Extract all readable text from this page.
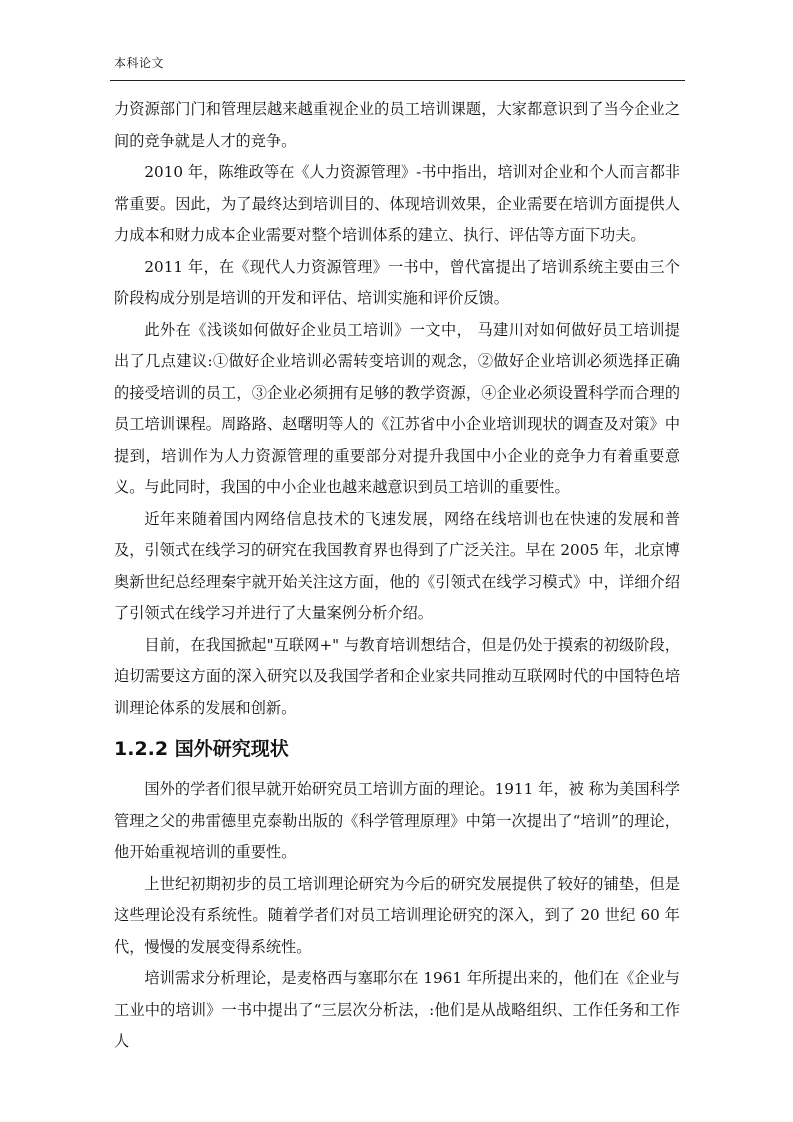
本科论文

力资源部门门和管理层越来越重视企业的员工培训课题，大家都意识到了当今企业之间的竞争就是人才的竞争。

2010 年，陈维政等在《人力资源管理》-书中指出，培训对企业和个人而言都非常重要。因此，为了最终达到培训目的、体现培训效果，企业需要在培训方面提供人力成本和财力成本企业需要对整个培训体系的建立、执行、评估等方面下功夫。

2011 年，在《现代人力资源管理》一书中，曾代富提出了培训系统主要由三个阶段构成分别是培训的开发和评估、培训实施和评价反馈。

此外在《浅谈如何做好企业员工培训》一文中， 马建川对如何做好员工培训提出了几点建议:①做好企业培训必需转变培训的观念，②做好企业培训必须选择正确的接受培训的员工，③企业必须拥有足够的教学资源，④企业必须设置科学而合理的员工培训课程。周路路、赵曙明等人的《江苏省中小企业培训现状的调查及对策》中提到，培训作为人力资源管理的重要部分对提升我国中小企业的竞争力有着重要意义。与此同时，我国的中小企业也越来越意识到员工培训的重要性。

近年来随着国内网络信息技术的飞速发展，网络在线培训也在快速的发展和普及，引领式在线学习的研究在我国教育界也得到了广泛关注。早在 2005 年，北京博奥新世纪总经理秦宇就开始关注这方面，他的《引领式在线学习模式》中，详细介绍了引领式在线学习并进行了大量案例分析介绍。

目前，在我国掀起"互联网+" 与教育培训想结合，但是仍处于摸索的初级阶段，迫切需要这方面的深入研究以及我国学者和企业家共同推动互联网时代的中国特色培训理论体系的发展和创新。

1.2.2 国外研究现状

国外的学者们很早就开始研究员工培训方面的理论。1911 年，被 称为美国科学管理之父的弗雷德里克泰勒出版的《科学管理原理》中第一次提出了“培训”的理论，他开始重视培训的重要性。

上世纪初期初步的员工培训理论研究为今后的研究发展提供了较好的铺垫，但是这些理论没有系统性。随着学者们对员工培训理论研究的深入，到了 20 世纪 60 年代，慢慢的发展变得系统性。

培训需求分析理论，是麦格西与塞耶尔在 1961 年所提出来的，他们在《企业与工业中的培训》一书中提出了“三层次分析法，:他们是从战略组织、工作任务和工作人
